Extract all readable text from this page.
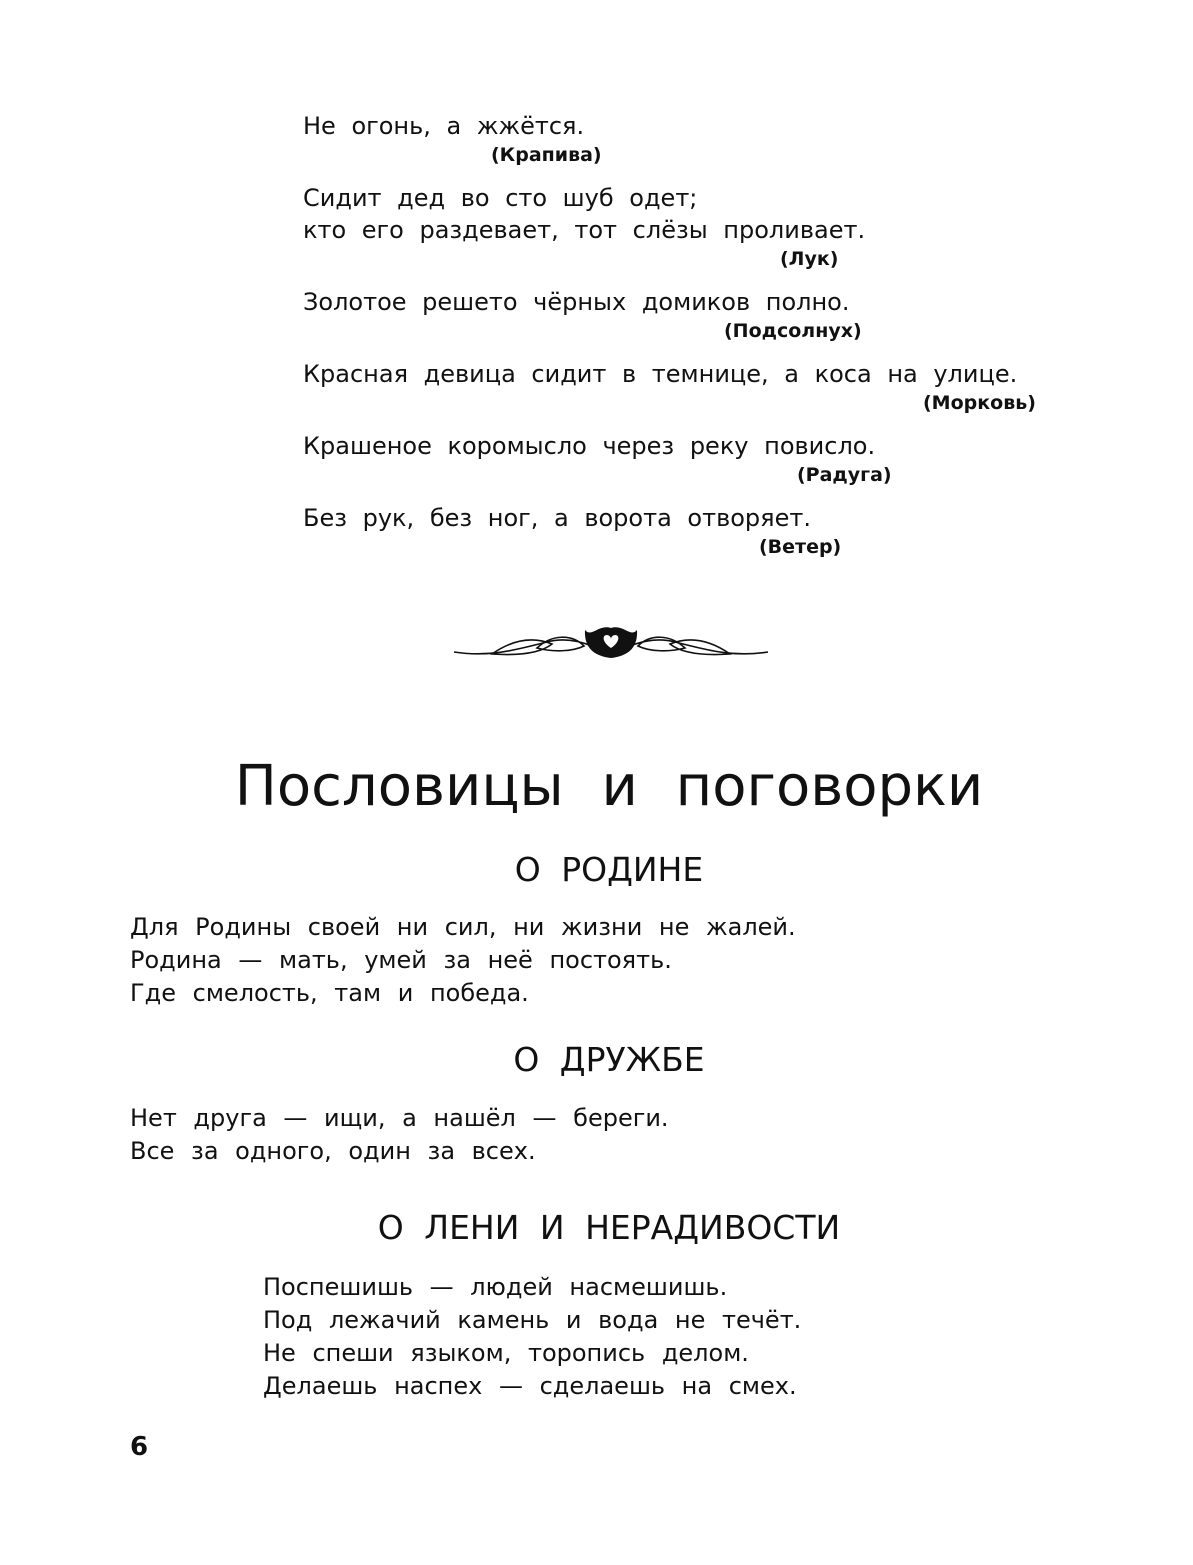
Не огонь, а жжётся.
(Крапива)
Сидит дед во сто шуб одет;
кто его раздевает, тот слёзы проливает.
(Лук)
Золотое решето чёрных домиков полно.
(Подсолнух)
Красная девица сидит в темнице, а коса на улице.
(Морковь)
Крашеное коромысло через реку повисло.
(Радуга)
Без рук, без ног, а ворота отворяет.
(Ветер)
Пословицы и поговорки
О РОДИНЕ
Для Родины своей ни сил, ни жизни не жалей.
Родина — мать, умей за неё постоять.
Где смелость, там и победа.
О ДРУЖБЕ
Нет друга — ищи, а нашёл — береги.
Все за одного, один за всех.
О ЛЕНИ И НЕРАДИВОСТИ
Поспешишь — людей насмешишь.
Под лежачий камень и вода не течёт.
Не спеши языком, торопись делом.
Делаешь наспех — сделаешь на смех.
6
